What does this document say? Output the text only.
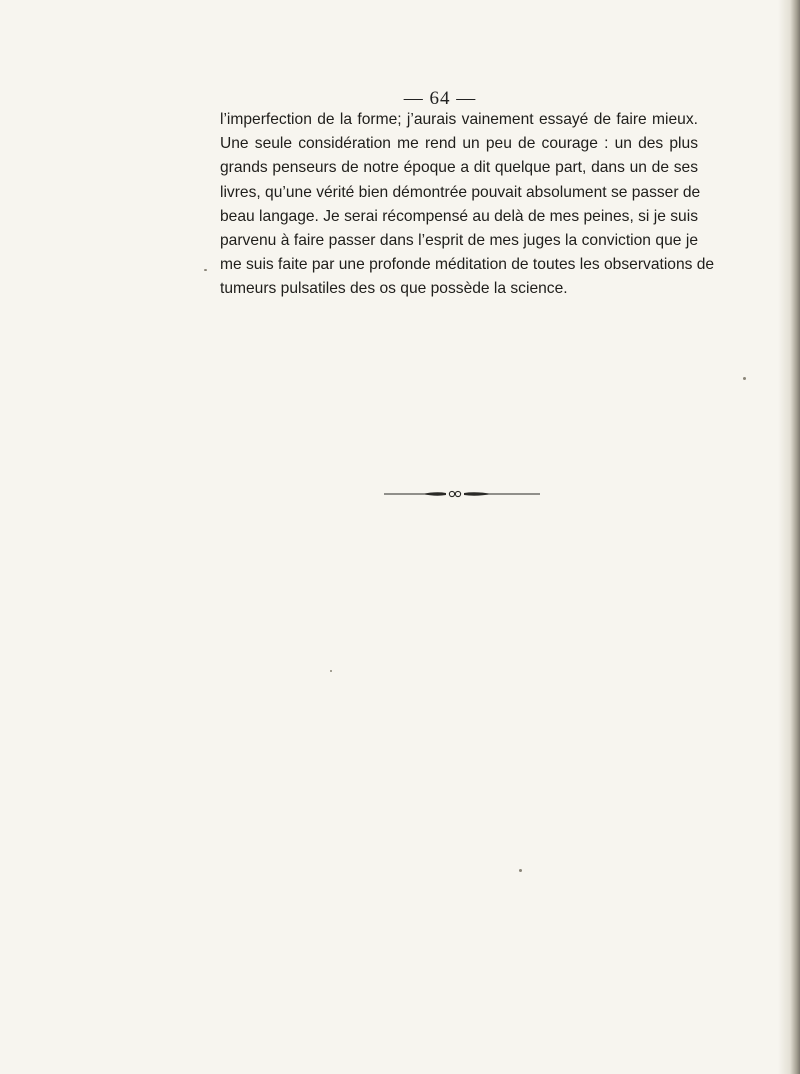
— 64 —
l’imperfection de la forme; j’aurais vainement essayé de faire mieux.
Une seule considération me rend un peu de courage : un des plus
grands penseurs de notre époque a dit quelque part, dans un de ses
livres, qu’une vérité bien démontrée pouvait absolument se passer de
beau langage. Je serai récompensé au delà de mes peines, si je suis
parvenu à faire passer dans l’esprit de mes juges la conviction que je
me suis faite par une profonde méditation de toutes les observations de
tumeurs pulsatiles des os que possède la science.
